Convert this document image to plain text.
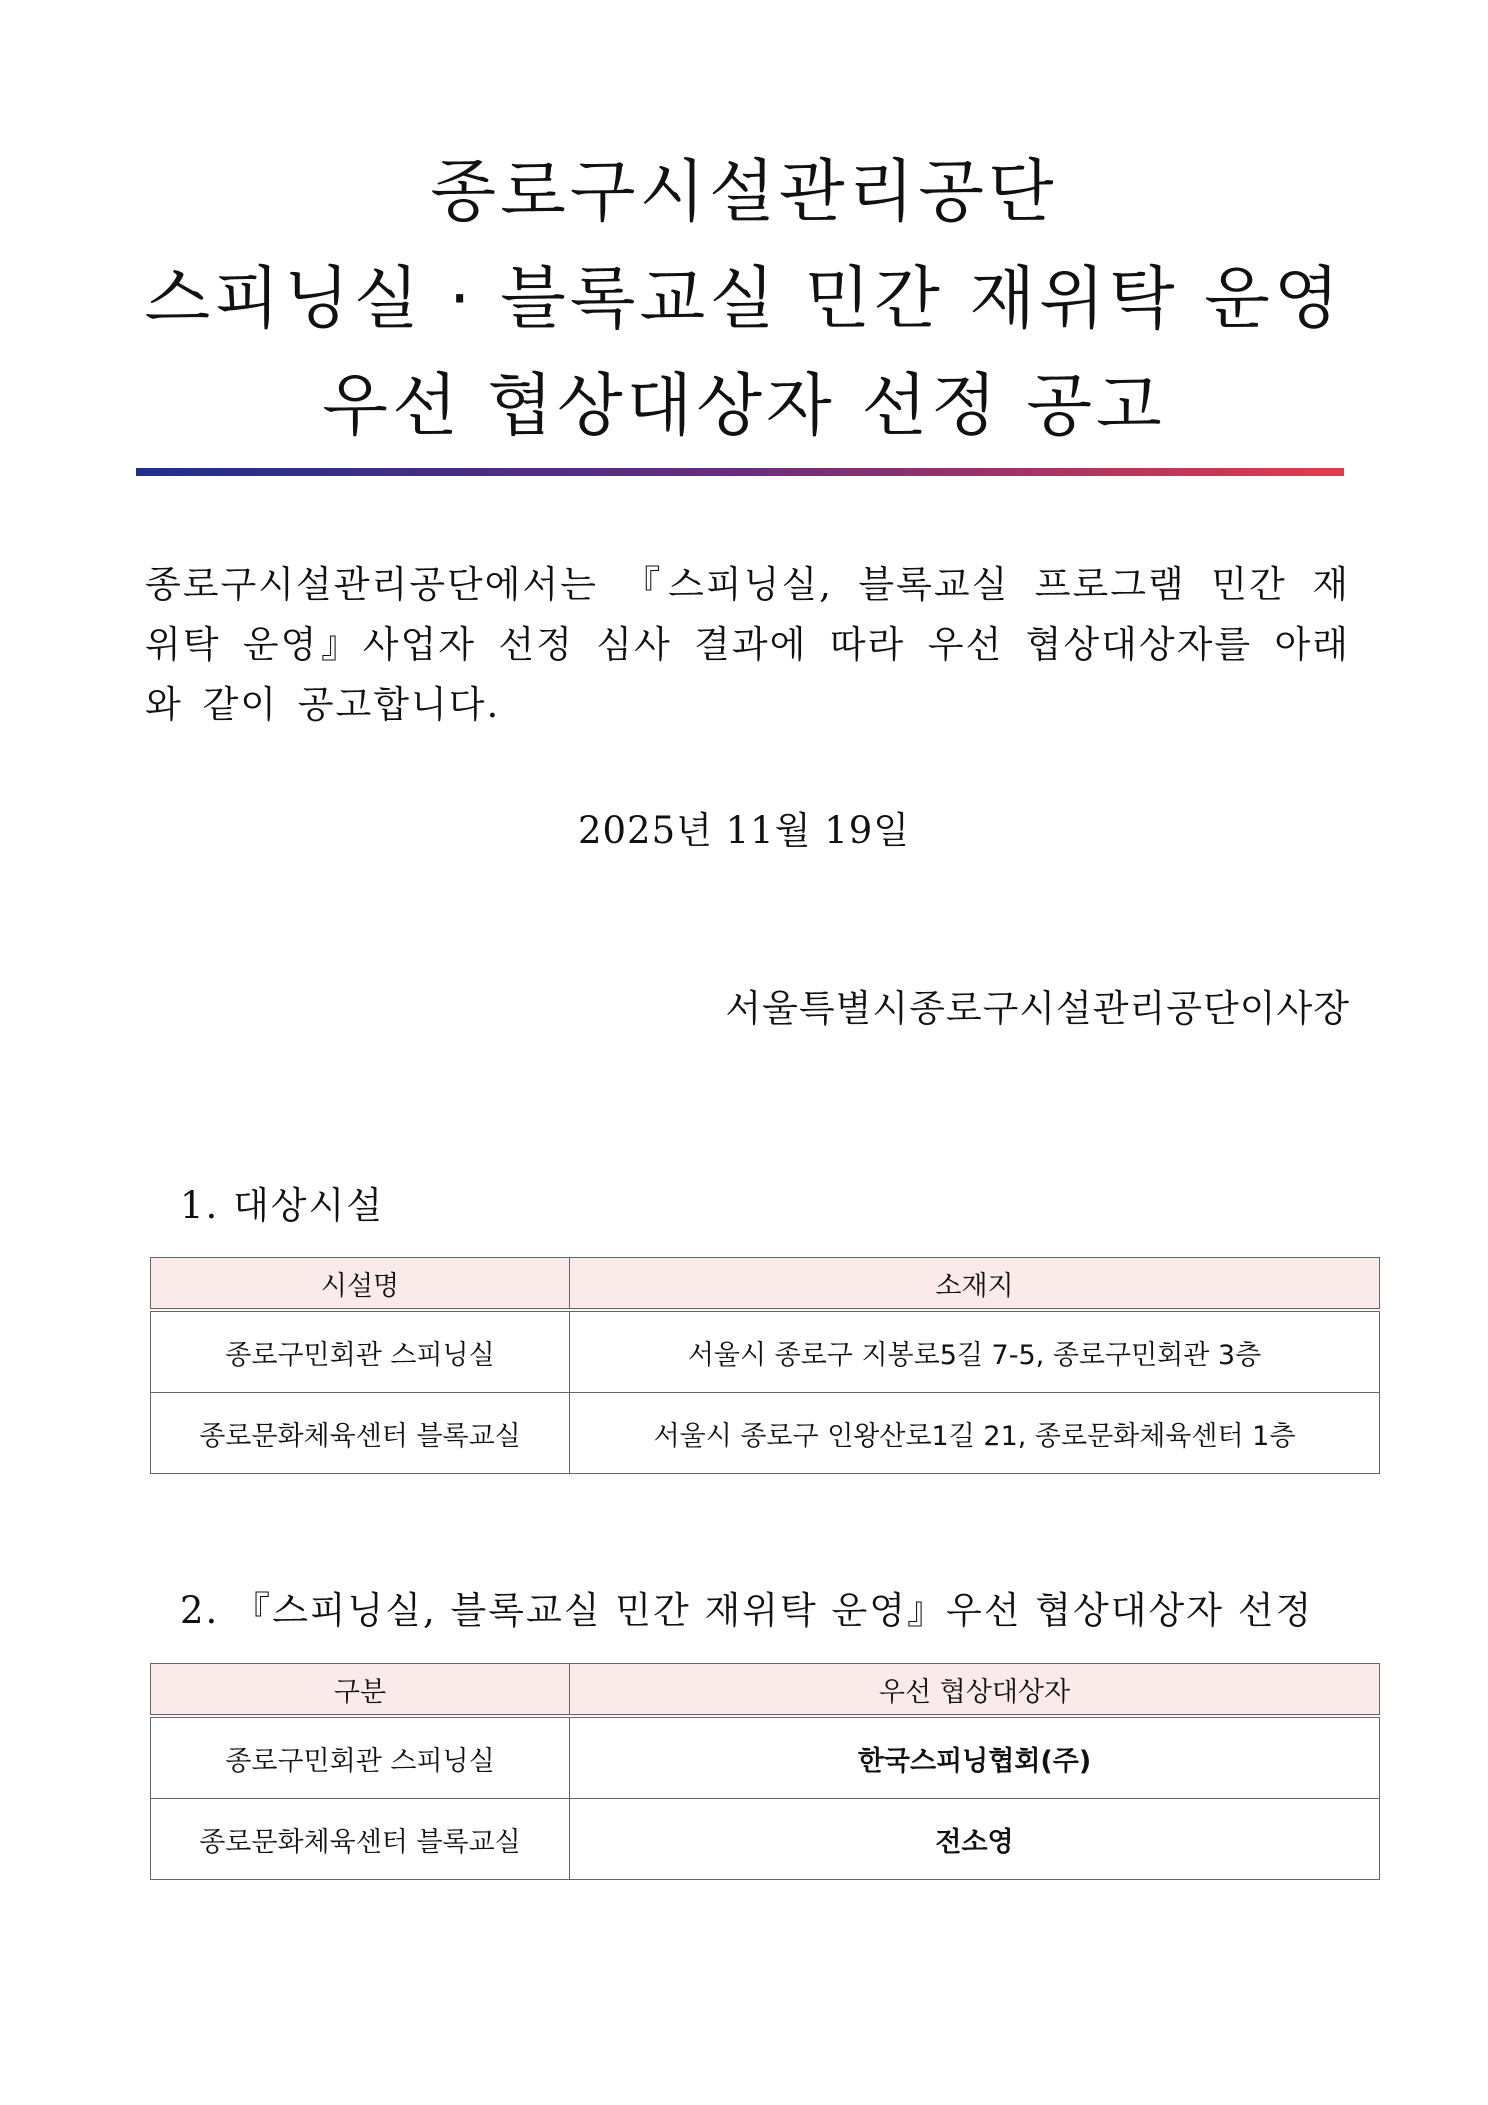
종로구시설관리공단
스피닝실 · 블록교실 민간 재위탁 운영
우선 협상대상자 선정 공고
종로구시설관리공단에서는 『스피닝실, 블록교실 프로그램 민간 재위탁 운영』사업자 선정 심사 결과에 따라 우선 협상대상자를 아래와 같이 공고합니다.
2025년 11월 19일
서울특별시종로구시설관리공단이사장
1. 대상시설
시설명	소재지
종로구민회관 스피닝실	서울시 종로구 지봉로5길 7-5, 종로구민회관 3층
종로문화체육센터 블록교실	서울시 종로구 인왕산로1길 21, 종로문화체육센터 1층
2. 『스피닝실, 블록교실 민간 재위탁 운영』우선 협상대상자 선정
구분	우선 협상대상자
종로구민회관 스피닝실	한국스피닝협회(주)
종로문화체육센터 블록교실	전소영
